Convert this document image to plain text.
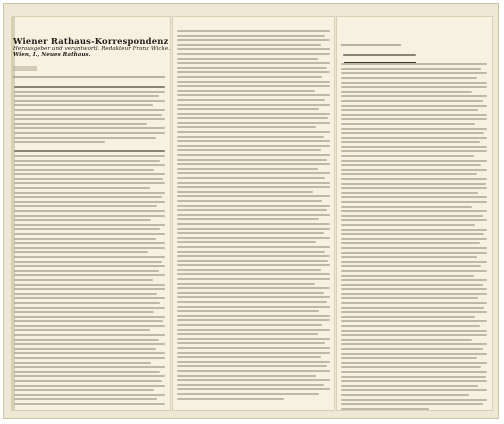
Wiener Rathaus-Korrespondenz
Herausgeber und verantwortl. Redakteur Franz Wicke.
Wien, I., Neues Rathaus.
